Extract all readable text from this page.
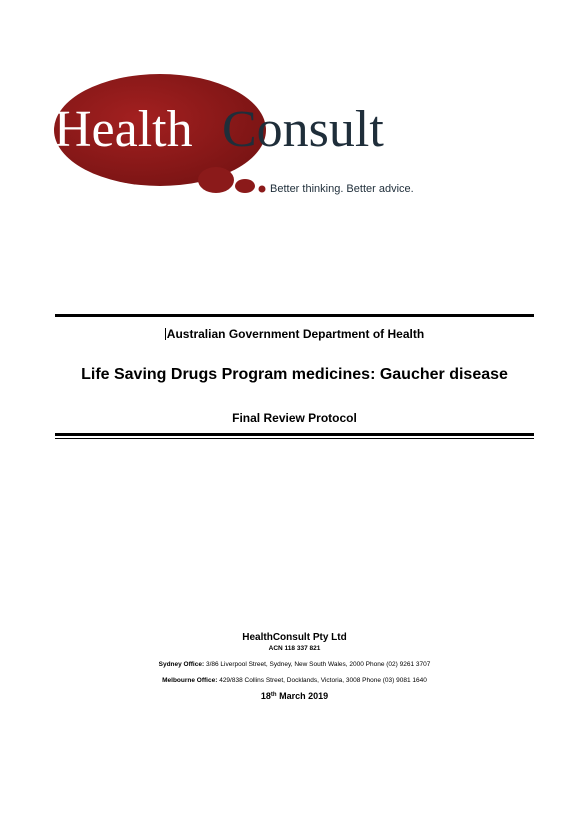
Health Consult
Better thinking. Better advice.
Australian Government Department of Health
Life Saving Drugs Program medicines: Gaucher disease
Final Review Protocol
HealthConsult Pty Ltd
ACN 118 337 821
Sydney Office: 3/86 Liverpool Street, Sydney, New South Wales, 2000 Phone (02) 9261 3707
Melbourne Office: 429/838 Collins Street, Docklands, Victoria, 3008 Phone (03) 9081 1640
18th March 2019
